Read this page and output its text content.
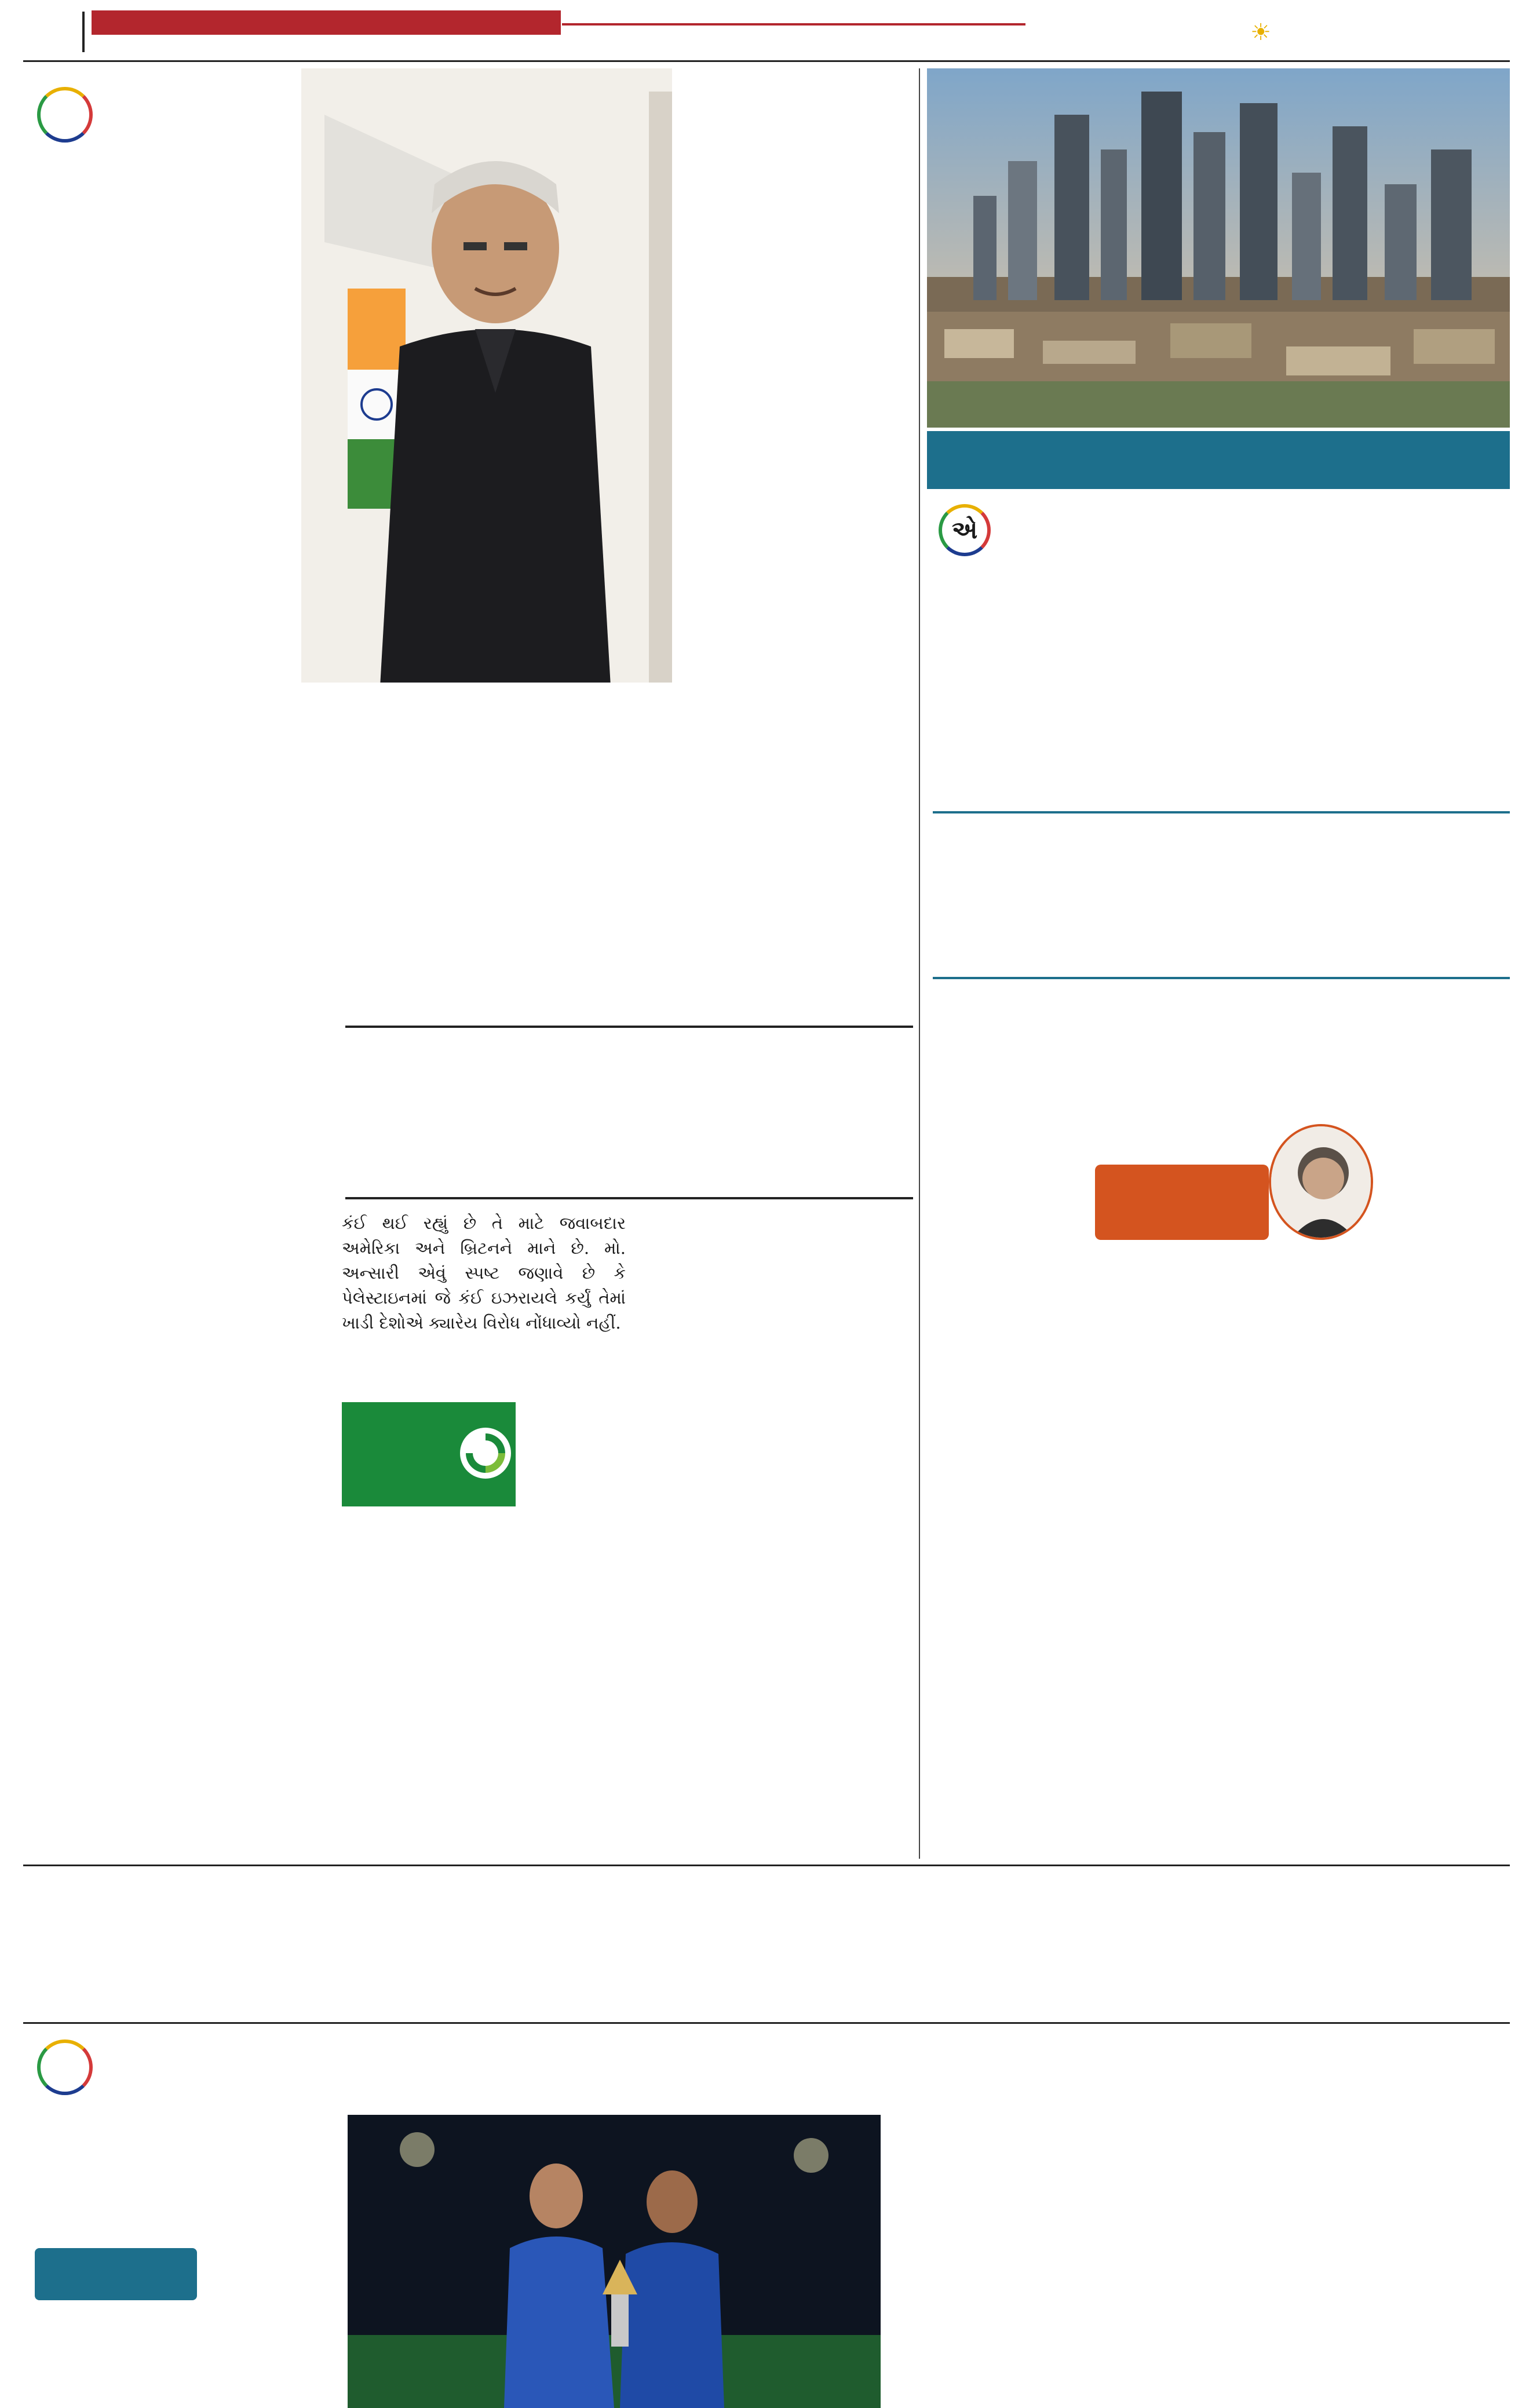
☀

કંઈ થઈ રહ્યું છે તે માટે જવાબદાર અમેરિકા અને બ્રિટનને માને છે. મો. અન્સારી એવું સ્પષ્ટ જણાવે છે કે પેલેસ્ટાઇનમાં જે કંઈ ઇઝરાયલે કર્યું તેમાં ખાડી દેશોએ ક્યારેય વિરોધ નોંધાવ્યો નહીં.

એ
